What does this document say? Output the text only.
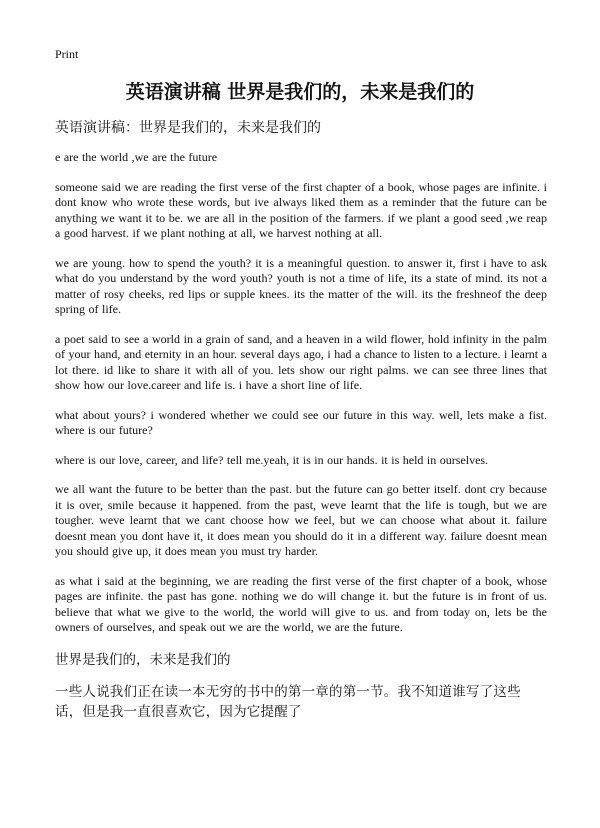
Print
英语演讲稿 世界是我们的，未来是我们的

英语演讲稿：世界是我们的，未来是我们的

e are the world ,we are the future

someone said we are reading the first verse of the first chapter of a book, whose pages are infinite. i dont know who wrote these words, but ive always liked them as a reminder that the future can be anything we want it to be. we are all in the position of the farmers. if we plant a good seed ,we reap a good harvest. if we plant nothing at all, we harvest nothing at all.

we are young. how to spend the youth? it is a meaningful question. to answer it, first i have to ask what do you understand by the word youth? youth is not a time of life, its a state of mind. its not a matter of rosy cheeks, red lips or supple knees. its the matter of the will. its the freshneof the deep spring of life.

a poet said to see a world in a grain of sand, and a heaven in a wild flower, hold infinity in the palm of your hand, and eternity in an hour. several days ago, i had a chance to listen to a lecture. i learnt a lot there. id like to share it with all of you. lets show our right palms. we can see three lines that show how our love.career and life is. i have a short line of life.

what about yours? i wondered whether we could see our future in this way. well, lets make a fist. where is our future?

where is our love, career, and life? tell me.yeah, it is in our hands. it is held in ourselves.

we all want the future to be better than the past. but the future can go better itself. dont cry because it is over, smile because it happened. from the past, weve learnt that the life is tough, but we are tougher. weve learnt that we cant choose how we feel, but we can choose what about it. failure doesnt mean you dont have it, it does mean you should do it in a different way. failure doesnt mean you should give up, it does mean you must try harder.

as what i said at the beginning, we are reading the first verse of the first chapter of a book, whose pages are infinite. the past has gone. nothing we do will change it. but the future is in front of us. believe that what we give to the world, the world will give to us. and from today on, lets be the owners of ourselves, and speak out we are the world, we are the future.

世界是我们的，未来是我们的

一些人说我们正在读一本无穷的书中的第一章的第一节。我不知道谁写了这些话，但是我一直很喜欢它，因为它提醒了
